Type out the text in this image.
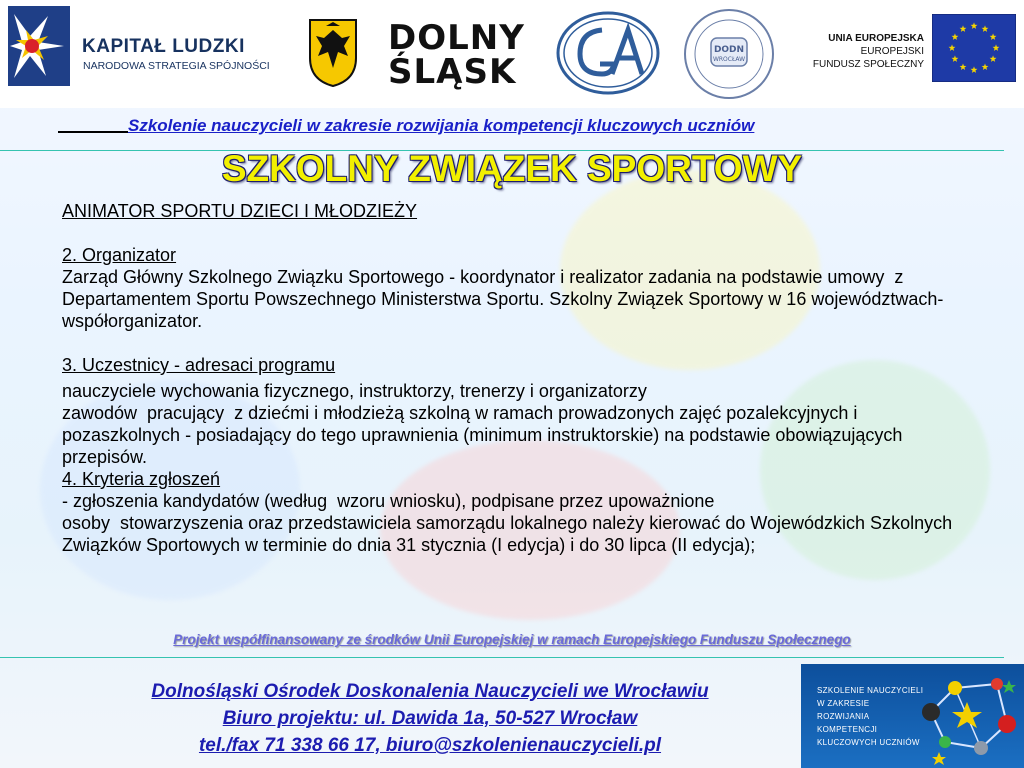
KAPITAŁ LUDZKI
NARODOWA STRATEGIA SPÓJNOŚCI
DOLNY
ŚLĄSK
DODN
WROCŁAW
UNIA EUROPEJSKA
EUROPEJSKI
FUNDUSZ SPOŁECZNY
Szkolenie nauczycieli w zakresie rozwijania kompetencji kluczowych uczniów
SZKOLNY ZWIĄZEK SPORTOWY
ANIMATOR SPORTU DZIECI I MŁODZIEŻY
2. Organizator
Zarząd Główny Szkolnego Związku Sportowego - koordynator i realizator zadania na podstawie umowy  z Departamentem Sportu Powszechnego Ministerstwa Sportu. Szkolny Związek Sportowy w 16 województwach- współorganizator.
3. Uczestnicy - adresaci programu
nauczyciele wychowania fizycznego, instruktorzy, trenerzy i organizatorzy
zawodów  pracujący  z dziećmi i młodzieżą szkolną w ramach prowadzonych zajęć pozalekcyjnych i pozaszkolnych - posiadający do tego uprawnienia (minimum instruktorskie) na podstawie obowiązujących przepisów.
4. Kryteria zgłoszeń
- zgłoszenia kandydatów (według  wzoru wniosku), podpisane przez upoważnione
osoby  stowarzyszenia oraz przedstawiciela samorządu lokalnego należy kierować do Wojewódzkich Szkolnych Związków Sportowych w terminie do dnia 31 stycznia (I edycja) i do 30 lipca (II edycja);
Projekt współfinansowany ze środków Unii Europejskiej w ramach Europejskiego Funduszu Społecznego
Dolnośląski Ośrodek Doskonalenia Nauczycieli we Wrocławiu
Biuro projektu: ul. Dawida 1a, 50-527 Wrocław
tel./fax 71 338 66 17, biuro@szkolenienauczycieli.pl
SZKOLENIE NAUCZYCIELI
W ZAKRESIE
ROZWIJANIA
KOMPETENCJI
KLUCZOWYCH UCZNIÓW
